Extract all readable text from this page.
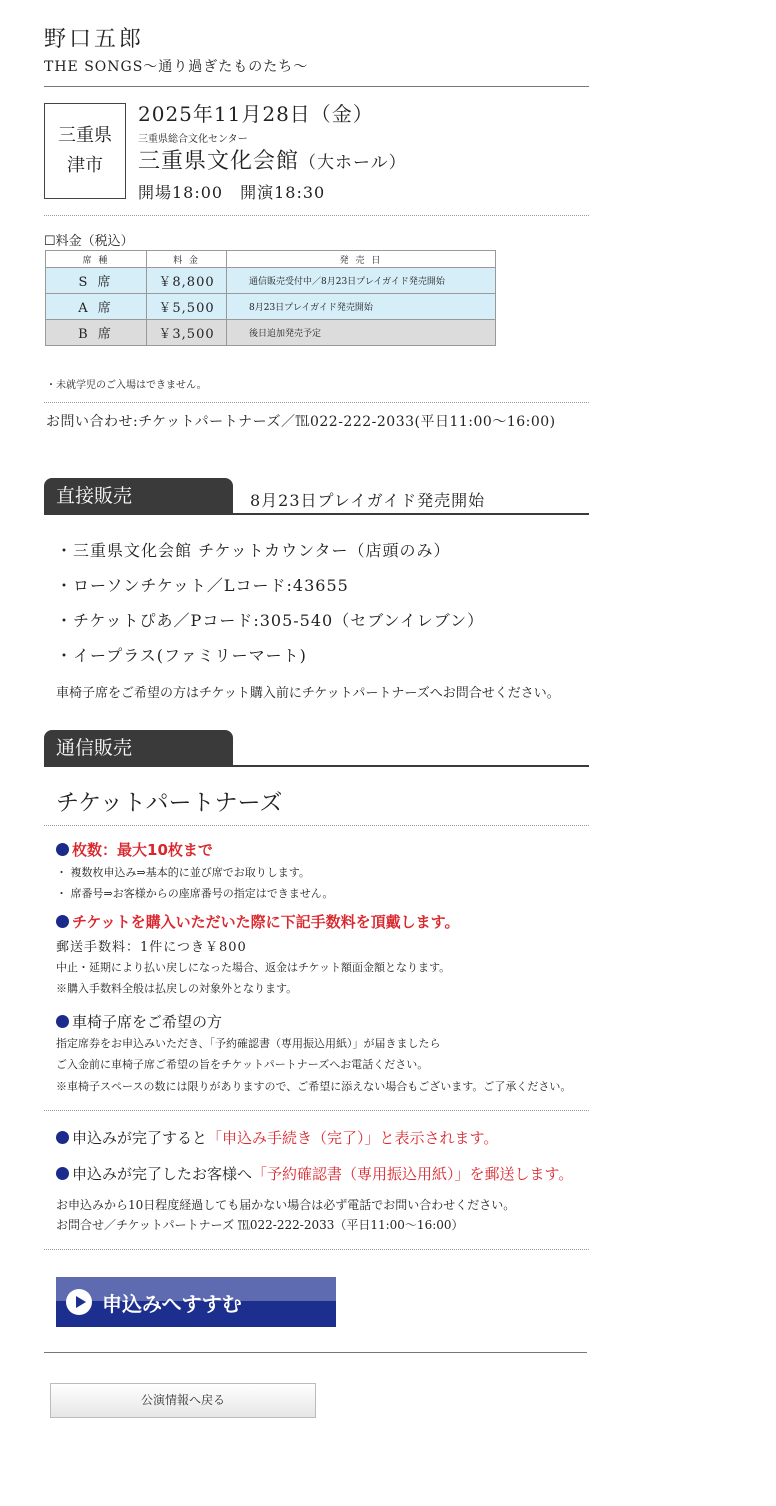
野口五郎
THE SONGS〜通り過ぎたものたち〜
三重県
津市
2025年11月28日（金）
三重県総合文化センター
三重県文化会館（大ホール）
開場18:00　開演18:30
☐料金（税込）
席 種	料 金	発 売 日
S 席	￥8,800	通信販売受付中／8月23日プレイガイド発売開始
A 席	￥5,500	8月23日プレイガイド発売開始
B 席	￥3,500	後日追加発売予定
・未就学児のご入場はできません。
お問い合わせ:チケットパートナーズ／℡022-222-2033(平日11:00〜16:00)
直接販売	8月23日プレイガイド発売開始
・三重県文化会館 チケットカウンター（店頭のみ）
・ローソンチケット／Lコード:43655
・チケットぴあ／Pコード:305-540（セブンイレブン）
・イープラス(ファミリーマート)
車椅子席をご希望の方はチケット購入前にチケットパートナーズへお問合せください。
通信販売
チケットパートナーズ
枚数：最大10枚まで
・ 複数枚申込み⇒基本的に並び席でお取りします。
・ 席番号⇒お客様からの座席番号の指定はできません。
チケットを購入いただいた際に下記手数料を頂戴します。
郵送手数料：1件につき￥800
中止・延期により払い戻しになった場合、返金はチケット額面金額となります。
※購入手数料全般は払戻しの対象外となります。
車椅子席をご希望の方
指定席券をお申込みいただき、「予約確認書（専用振込用紙）」が届きましたら
ご入金前に車椅子席ご希望の旨をチケットパートナーズへお電話ください。
※車椅子スペースの数には限りがありますので、ご希望に添えない場合もございます。ご了承ください。
申込みが完了すると「申込み手続き（完了）」と表示されます。
申込みが完了したお客様へ「予約確認書（専用振込用紙）」を郵送します。
お申込みから10日程度経過しても届かない場合は必ず電話でお問い合わせください。
お問合せ／チケットパートナーズ ℡022-222-2033（平日11:00〜16:00）
申込みへすすむ
公演情報へ戻る
